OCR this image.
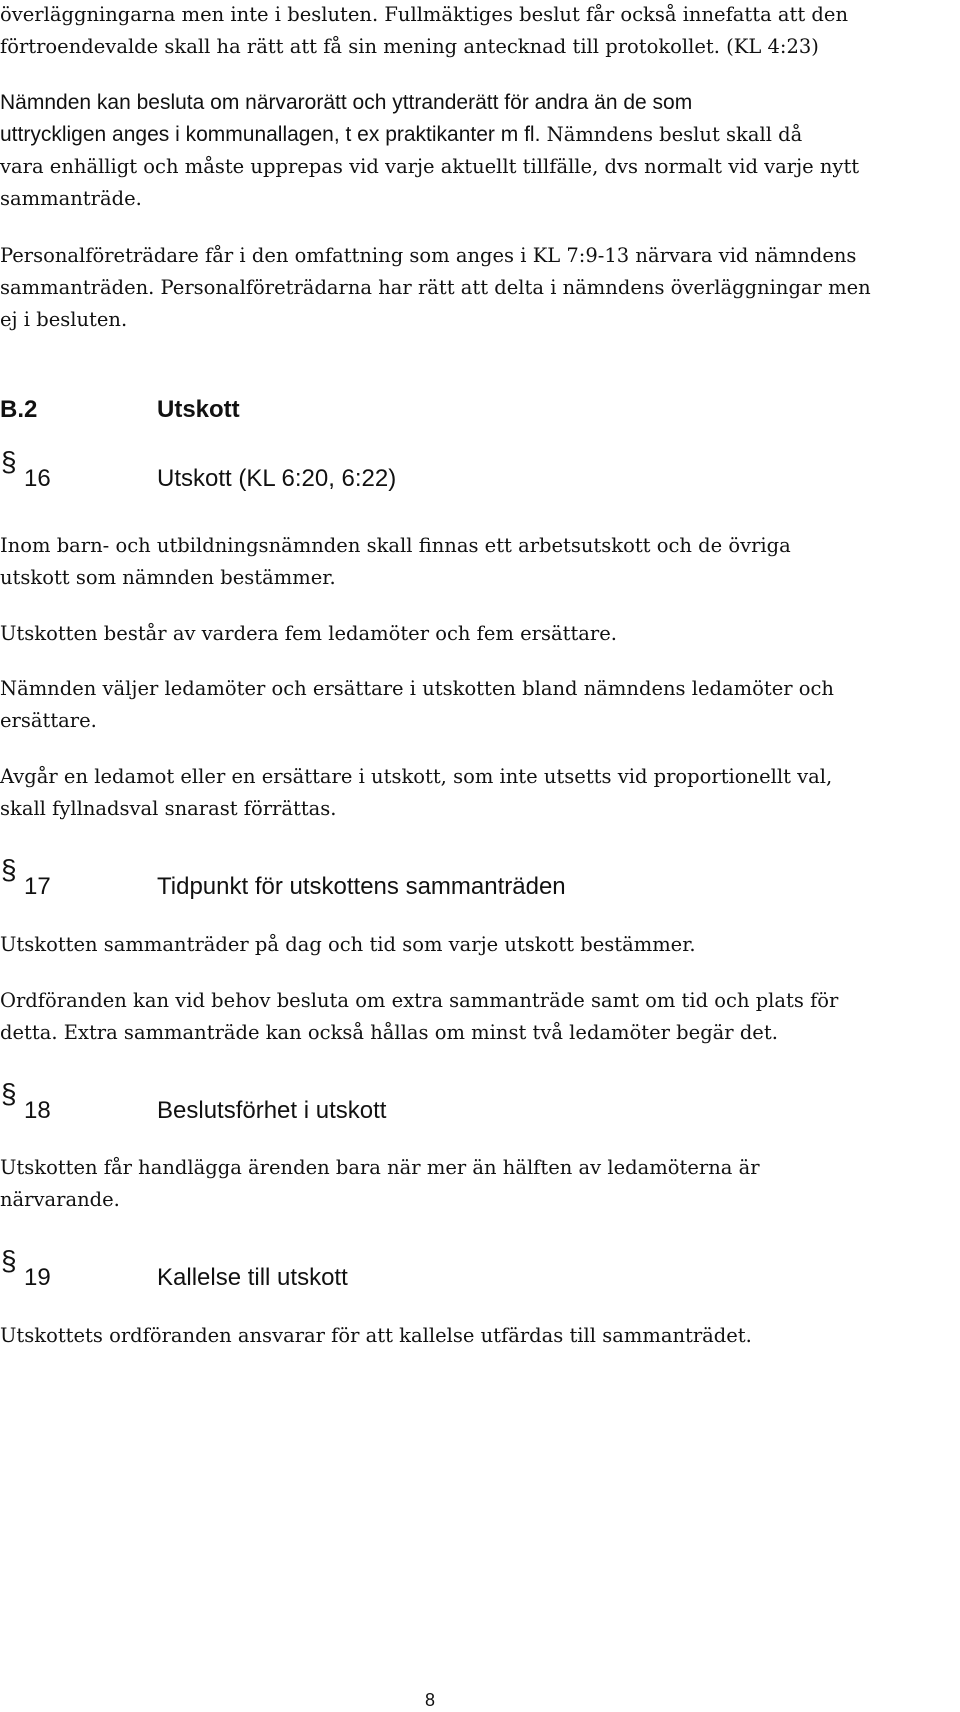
överläggningarna men inte i besluten. Fullmäktiges beslut får också innefatta att den
förtroendevalde skall ha rätt att få sin mening antecknad till protokollet. (KL 4:23)
Nämnden kan besluta om närvarorätt och yttranderätt för andra än de som
uttryckligen anges i kommunallagen, t ex praktikanter m fl. Nämndens beslut skall då
vara enhälligt och måste upprepas vid varje aktuellt tillfälle, dvs normalt vid varje nytt
sammanträde.
Personalföreträdare får i den omfattning som anges i KL 7:9-13 närvara vid nämndens
sammanträden. Personalföreträdarna har rätt att delta i nämndens överläggningar men
ej i besluten.
B.2	Utskott
§
16	Utskott (KL 6:20, 6:22)
Inom barn- och utbildningsnämnden skall finnas ett arbetsutskott och de övriga
utskott som nämnden bestämmer.
Utskotten består av vardera fem ledamöter och fem ersättare.
Nämnden väljer ledamöter och ersättare i utskotten bland nämndens ledamöter och
ersättare.
Avgår en ledamot eller en ersättare i utskott, som inte utsetts vid proportionellt val,
skall fyllnadsval snarast förrättas.
§
17	Tidpunkt för utskottens sammanträden
Utskotten sammanträder på dag och tid som varje utskott bestämmer.
Ordföranden kan vid behov besluta om extra sammanträde samt om tid och plats för
detta. Extra sammanträde kan också hållas om minst två ledamöter begär det.
§
18	Beslutsförhet i utskott
Utskotten får handlägga ärenden bara när mer än hälften av ledamöterna är
närvarande.
§
19	Kallelse till utskott
Utskottets ordföranden ansvarar för att kallelse utfärdas till sammanträdet.
8
